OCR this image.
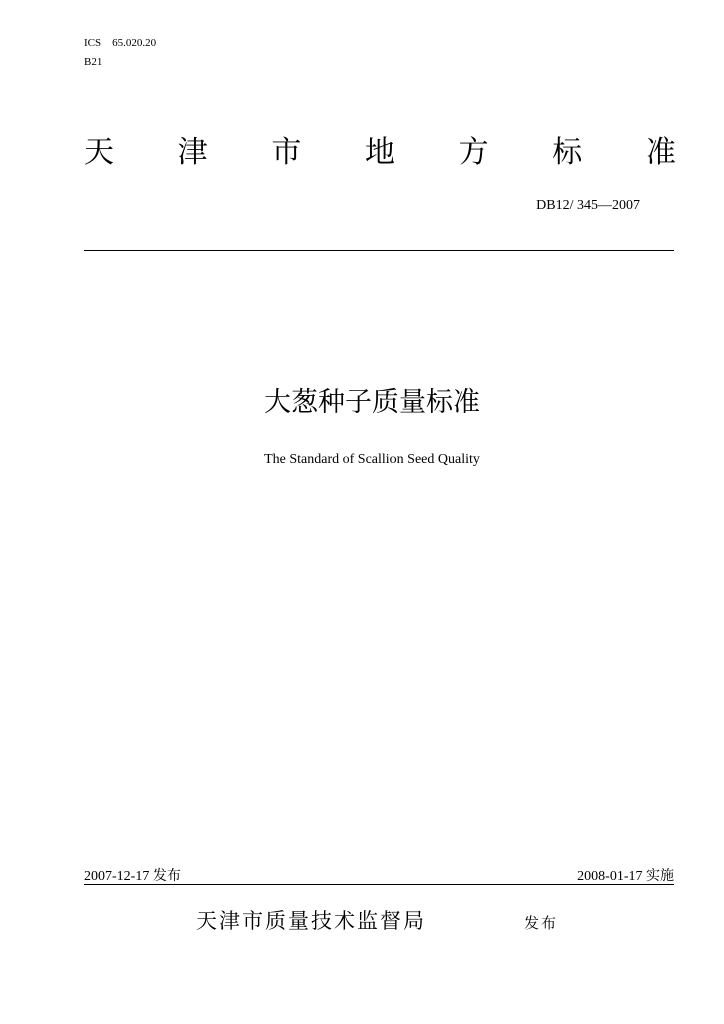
ICS 65.020.20
B21
天 津 市 地 方 标 准
DB12/ 345—2007
大葱种子质量标准
The Standard of Scallion Seed Quality
2007-12-17 发布	2008-01-17 实施
天津市质量技术监督局	发布
